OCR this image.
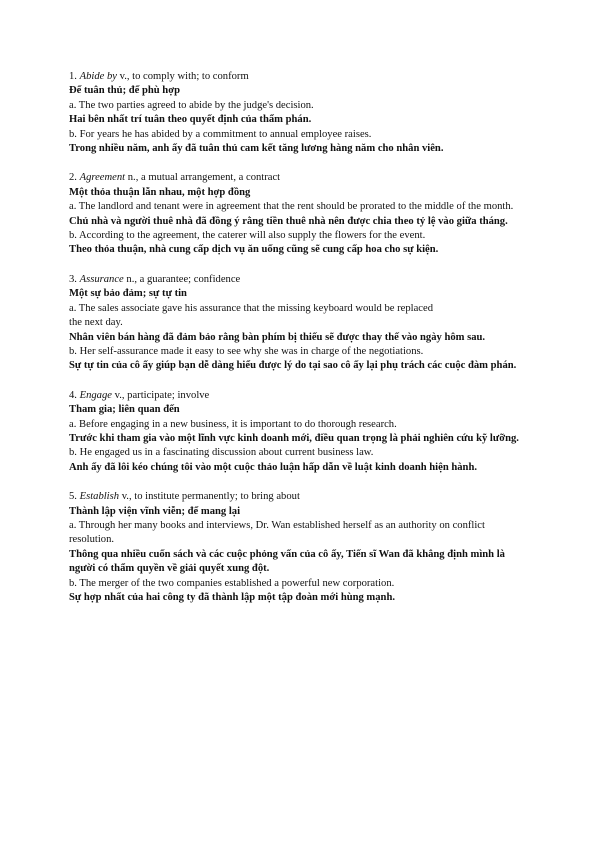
1. Abide by v., to comply with; to conform
Để tuân thủ; để phù hợp
a. The two parties agreed to abide by the judge's decision.
Hai bên nhất trí tuân theo quyết định của thẩm phán.
b. For years he has abided by a commitment to annual employee raises.
Trong nhiều năm, anh ấy đã tuân thủ cam kết tăng lương hàng năm cho nhân viên.
2. Agreement n., a mutual arrangement, a contract
Một thỏa thuận lẫn nhau, một hợp đồng
a. The landlord and tenant were in agreement that the rent should be prorated to the middle of the month.
Chủ nhà và người thuê nhà đã đồng ý rằng tiền thuê nhà nên được chia theo tỷ lệ vào giữa tháng.
b. According to the agreement, the caterer will also supply the flowers for the event.
Theo thỏa thuận, nhà cung cấp dịch vụ ăn uống cũng sẽ cung cấp hoa cho sự kiện.
3. Assurance n., a guarantee; confidence
Một sự bảo đảm; sự tự tin
a. The sales associate gave his assurance that the missing keyboard would be replaced
the next day.
Nhân viên bán hàng đã đảm bảo rằng bàn phím bị thiếu sẽ được thay thế vào ngày hôm sau.
b. Her self-assurance made it easy to see why she was in charge of the negotiations.
Sự tự tin của cô ấy giúp bạn dễ dàng hiểu được lý do tại sao cô ấy lại phụ trách các cuộc đàm phán.
4. Engage v., participate; involve
Tham gia; liên quan đến
a. Before engaging in a new business, it is important to do thorough research.
Trước khi tham gia vào một lĩnh vực kinh doanh mới, điều quan trọng là phải nghiên cứu kỹ lưỡng.
b. He engaged us in a fascinating discussion about current business law.
Anh ấy đã lôi kéo chúng tôi vào một cuộc thảo luận hấp dẫn về luật kinh doanh hiện hành.
5. Establish v., to institute permanently; to bring about
Thành lập viện vĩnh viễn; để mang lại
a. Through her many books and interviews, Dr. Wan established herself as an authority on conflict resolution.
Thông qua nhiều cuốn sách và các cuộc phỏng vấn của cô ấy, Tiến sĩ Wan đã khẳng định mình là người có thẩm quyền về giải quyết xung đột.
b. The merger of the two companies established a powerful new corporation.
Sự hợp nhất của hai công ty đã thành lập một tập đoàn mới hùng mạnh.
